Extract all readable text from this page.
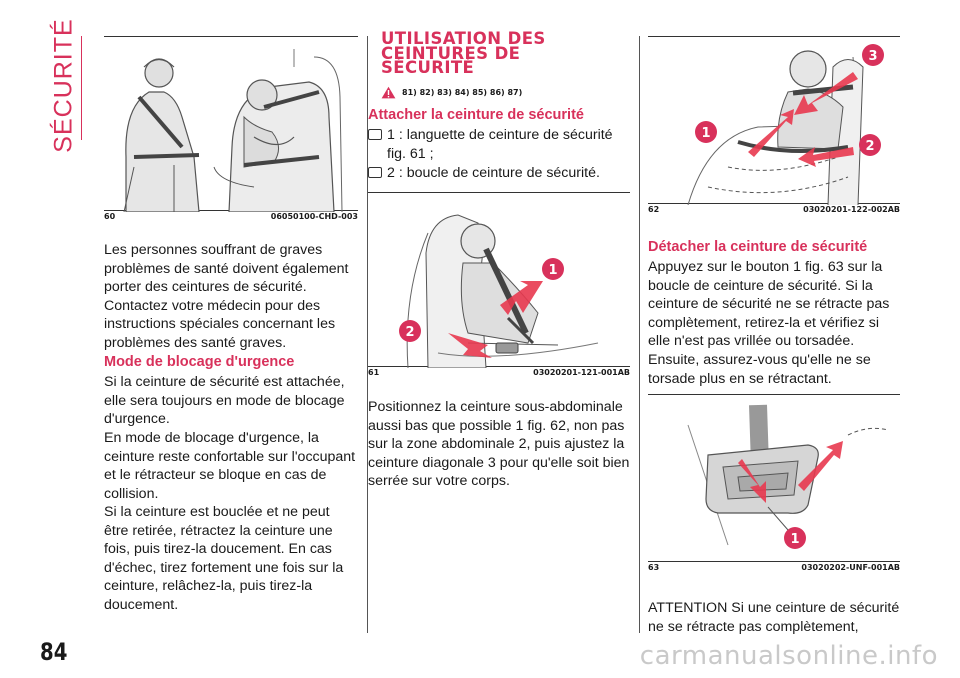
SÉCURITÉ
60	06050100-CHD-003
Les personnes souffrant de graves problèmes de santé doivent également porter des ceintures de sécurité. Contactez votre médecin pour des instructions spéciales concernant les problèmes des santé graves.
Mode de blocage d'urgence
Si la ceinture de sécurité est attachée, elle sera toujours en mode de blocage d'urgence.
En mode de blocage d'urgence, la ceinture reste confortable sur l'occupant et le rétracteur se bloque en cas de collision.
Si la ceinture est bouclée et ne peut être retirée, rétractez la ceinture une fois, puis tirez-la doucement. En cas d'échec, tirez fortement une fois sur la ceinture, relâchez-la, puis tirez-la doucement.
UTILISATION DES CEINTURES DE SÉCURITÉ
81) 82) 83) 84) 85) 86) 87)
Attacher la ceinture de sécurité
1 : languette de ceinture de sécurité fig. 61 ;
2 : boucle de ceinture de sécurité.
1
2
61	03020201-121-001AB
Positionnez la ceinture sous-abdominale aussi bas que possible 1 fig. 62, non pas sur la zone abdominale 2, puis ajustez la ceinture diagonale 3 pour qu'elle soit bien serrée sur votre corps.
3
1
2
62	03020201-122-002AB
Détacher la ceinture de sécurité
Appuyez sur le bouton 1 fig. 63 sur la boucle de ceinture de sécurité. Si la ceinture de sécurité ne se rétracte pas complètement, retirez-la et vérifiez si elle n'est pas vrillée ou torsadée. Ensuite, assurez-vous qu'elle ne se torsade plus en se rétractant.
1
63	03020202-UNF-001AB
ATTENTION Si une ceinture de sécurité ne se rétracte pas complètement,
84	carmanualsonline.info
